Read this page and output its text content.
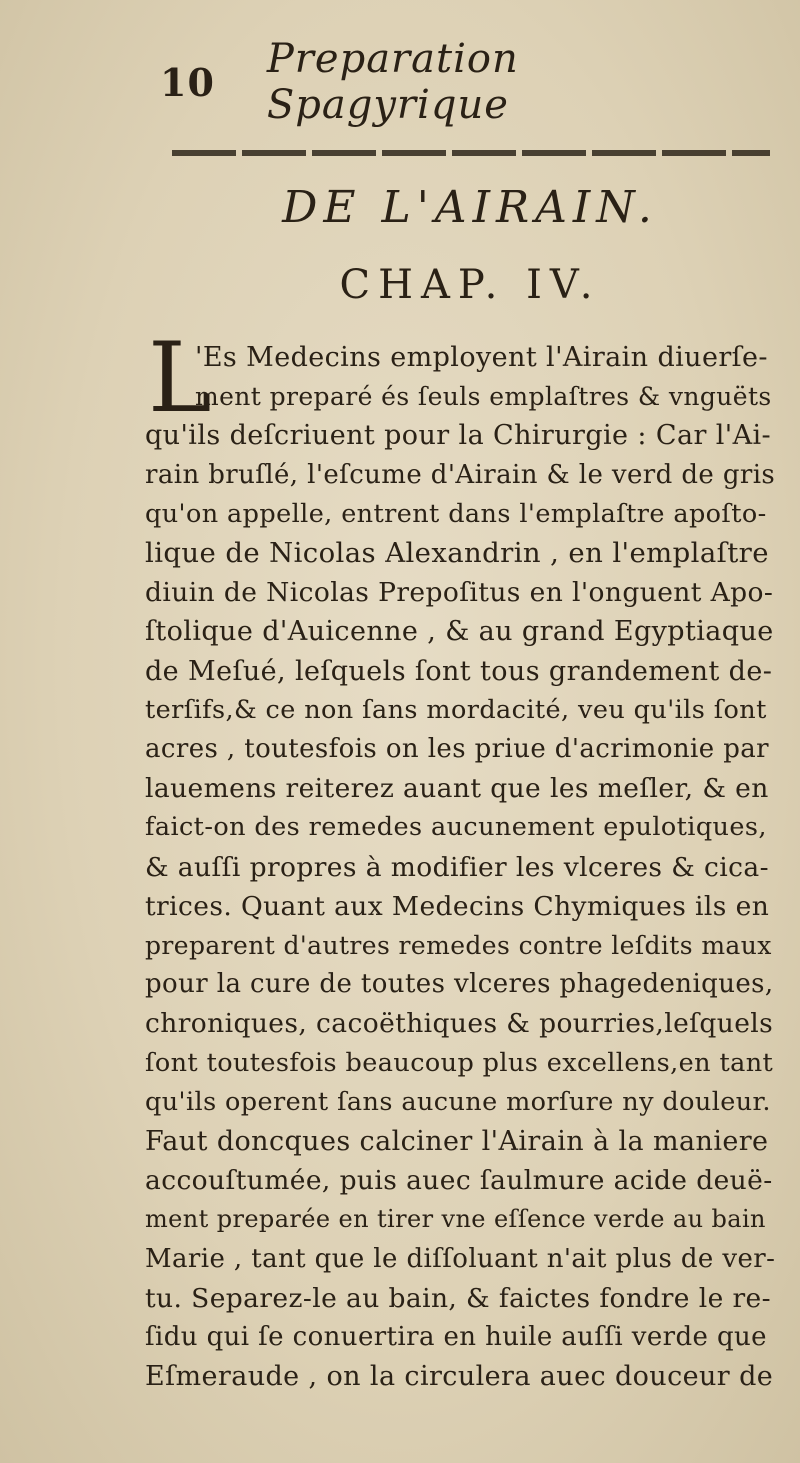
10	Preparation Spagyrique
DE L'AIRAIN.
CHAP. IV.
L
'Es Medecins employent l'Airain diuerſe-
ment preparé és ſeuls emplaſtres & vnguëts
qu'ils deſcriuent pour la Chirurgie : Car l'Ai-
rain bruſlé, l'eſcume d'Airain & le verd de gris
qu'on appelle, entrent dans l'emplaſtre apoſto-
lique de Nicolas Alexandrin , en l'emplaſtre
diuin de Nicolas Prepoſitus en l'onguent Apo-
ſtolique d'Auicenne , & au grand Egyptiaque
de Meſué, leſquels ſont tous grandement de-
terſifs,& ce non ſans mordacité, veu qu'ils ſont
acres , toutesfois on les priue d'acrimonie par
lauemens reiterez auant que les meſler, & en
faict-on des remedes aucunement epulotiques,
& auſſi propres à modifier les vlceres & cica-
trices. Quant aux Medecins Chymiques ils en
preparent d'autres remedes contre leſdits maux
pour la cure de toutes vlceres phagedeniques,
chroniques, cacoëthiques & pourries,leſquels
ſont toutesfois beaucoup plus excellens,en tant
qu'ils operent ſans aucune morſure ny douleur.
Faut doncques calciner l'Airain à la maniere
accouſtumée, puis auec ſaulmure acide deuë-
ment preparée en tirer vne eſſence verde au bain
Marie , tant que le diſſoluant n'ait plus de ver-
tu. Separez-le au bain, & faictes fondre le re-
ſidu qui ſe conuertira en huile auſſi verde que
Eſmeraude , on la circulera auec douceur de
